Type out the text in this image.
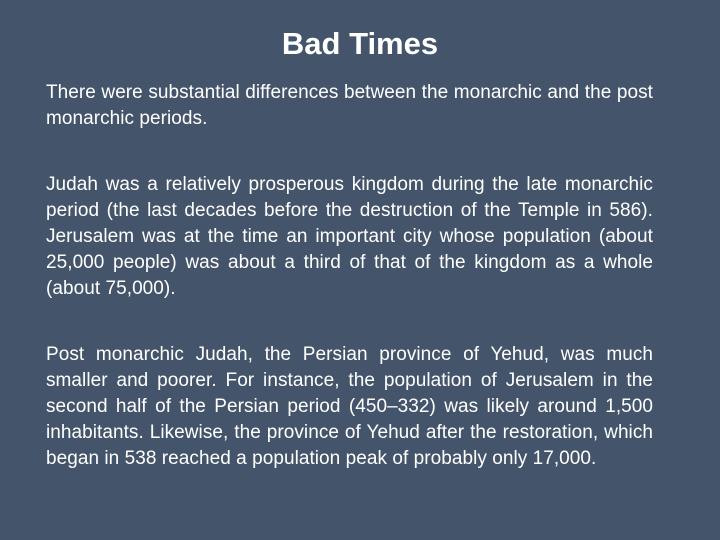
Bad Times

There were substantial differences between the monarchic and the post monarchic periods.

Judah was a relatively prosperous kingdom during the late monarchic period (the last decades before the destruction of the Temple in 586). Jerusalem was at the time an important city whose population (about 25,000 people) was about a third of that of the kingdom as a whole (about 75,000).

Post monarchic Judah, the Persian province of Yehud, was much smaller and poorer. For instance, the population of Jerusalem in the second half of the Persian period (450–332) was likely around 1,500 inhabitants. Likewise, the province of Yehud after the restoration, which began in 538 reached a population peak of probably only 17,000.
